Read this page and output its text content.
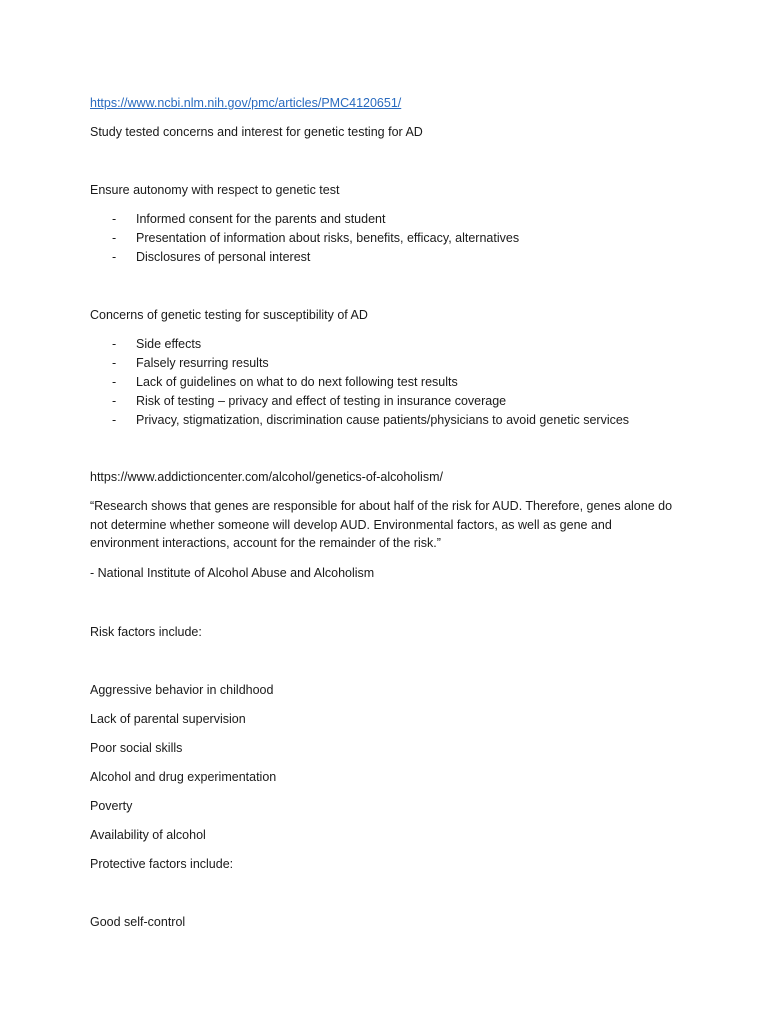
https://www.ncbi.nlm.nih.gov/pmc/articles/PMC4120651/
Study tested concerns and interest for genetic testing for AD
Ensure autonomy with respect to genetic test
- Informed consent for the parents and student
- Presentation of information about risks, benefits, efficacy, alternatives
- Disclosures of personal interest
Concerns of genetic testing for susceptibility of AD
- Side effects
- Falsely resurring results
- Lack of guidelines on what to do next following test results
- Risk of testing – privacy and effect of testing in insurance coverage
- Privacy, stigmatization, discrimination cause patients/physicians to avoid genetic services
https://www.addictioncenter.com/alcohol/genetics-of-alcoholism/
“Research shows that genes are responsible for about half of the risk for AUD. Therefore, genes alone do not determine whether someone will develop AUD. Environmental factors, as well as gene and environment interactions, account for the remainder of the risk.”
- National Institute of Alcohol Abuse and Alcoholism
Risk factors include:
Aggressive behavior in childhood
Lack of parental supervision
Poor social skills
Alcohol and drug experimentation
Poverty
Availability of alcohol
Protective factors include:
Good self-control
